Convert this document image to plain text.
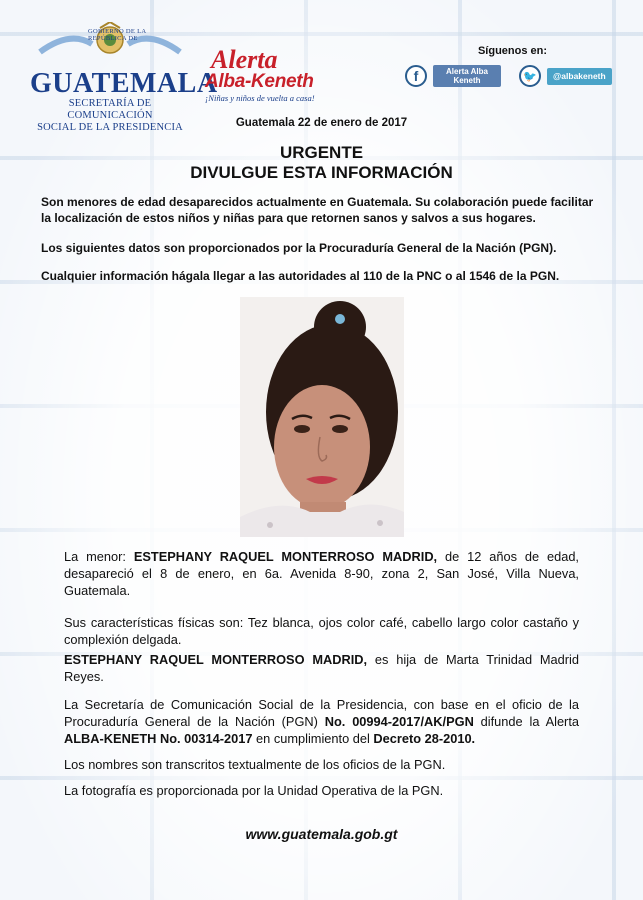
GOBIERNO DE LA REPÚBLICA DE
GUATEMALA
SECRETARÍA DE COMUNICACIÓN
SOCIAL DE LA PRESIDENCIA
Alerta
Alba-Keneth
¡Niñas y niños de vuelta a casa!
Síguenos en:
f	Alerta Alba Keneth	🐦	@albakeneth
Guatemala 22 de enero de 2017
URGENTE
DIVULGUE ESTA INFORMACIÓN
Son menores de edad desaparecidos actualmente en Guatemala. Su colaboración puede facilitar la localización de estos niños y niñas para que retornen sanos y salvos a sus hogares.
Los siguientes datos son proporcionados por la Procuraduría General de la Nación (PGN).
Cualquier información hágala llegar a las autoridades al 110 de la PNC o al 1546 de la PGN.
La menor: ESTEPHANY RAQUEL MONTERROSO MADRID, de 12 años de edad, desapareció el 8 de enero, en 6a. Avenida 8-90, zona 2, San José, Villa Nueva, Guatemala.
Sus características físicas son: Tez blanca, ojos color café, cabello largo color castaño y complexión delgada.
ESTEPHANY RAQUEL MONTERROSO MADRID, es hija de Marta Trinidad Madrid Reyes.
La Secretaría de Comunicación Social de la Presidencia, con base en el oficio de la Procuraduría General de la Nación (PGN) No. 00994-2017/AK/PGN difunde la Alerta ALBA-KENETH No. 00314-2017 en cumplimiento del Decreto 28-2010.
Los nombres son transcritos textualmente de los oficios de la PGN.
La fotografía es proporcionada por la Unidad Operativa de la PGN.
www.guatemala.gob.gt
